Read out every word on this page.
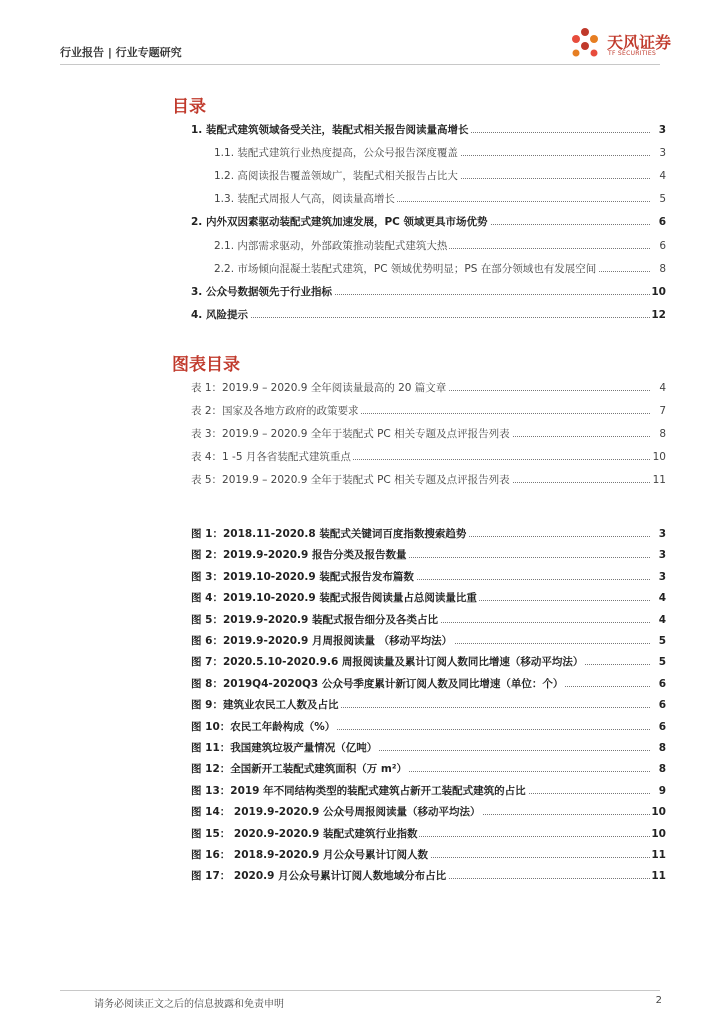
行业报告 | 行业专题研究
天风证券
TF SECURITIES
目录
1. 装配式建筑领域备受关注，装配式相关报告阅读量高增长	3
1.1. 装配式建筑行业热度提高，公众号报告深度覆盖	3
1.2. 高阅读报告覆盖领域广，装配式相关报告占比大	4
1.3. 装配式周报人气高，阅读量高增长	5
2. 内外双因素驱动装配式建筑加速发展，PC 领域更具市场优势	6
2.1. 内部需求驱动，外部政策推动装配式建筑大热	6
2.2. 市场倾向混凝土装配式建筑，PC 领域优势明显；PS 在部分领域也有发展空间	8
3. 公众号数据领先于行业指标	10
4. 风险提示	12
图表目录
表 1：2019.9 – 2020.9 全年阅读量最高的 20 篇文章	4
表 2：国家及各地方政府的政策要求	7
表 3：2019.9 – 2020.9 全年于装配式 PC 相关专题及点评报告列表	8
表 4：1 -5 月各省装配式建筑重点	10
表 5：2019.9 – 2020.9 全年于装配式 PC 相关专题及点评报告列表	11
图 1：2018.11-2020.8 装配式关键词百度指数搜索趋势	3
图 2：2019.9-2020.9 报告分类及报告数量	3
图 3：2019.10-2020.9 装配式报告发布篇数	3
图 4：2019.10-2020.9 装配式报告阅读量占总阅读量比重	4
图 5：2019.9-2020.9 装配式报告细分及各类占比	4
图 6：2019.9-2020.9 月周报阅读量 （移动平均法）	5
图 7：2020.5.10-2020.9.6 周报阅读量及累计订阅人数同比增速（移动平均法）	5
图 8：2019Q4-2020Q3 公众号季度累计新订阅人数及同比增速（单位：个）	6
图 9：建筑业农民工人数及占比	6
图 10：农民工年龄构成（%）	6
图 11：我国建筑垃圾产量情况（亿吨）	8
图 12：全国新开工装配式建筑面积（万 m²）	8
图 13：2019 年不同结构类型的装配式建筑占新开工装配式建筑的占比	9
图 14： 2019.9-2020.9 公众号周报阅读量（移动平均法）	10
图 15： 2020.9-2020.9 装配式建筑行业指数	10
图 16： 2018.9-2020.9 月公众号累计订阅人数	11
图 17： 2020.9 月公众号累计订阅人数地域分布占比	11
请务必阅读正文之后的信息披露和免责申明	2
